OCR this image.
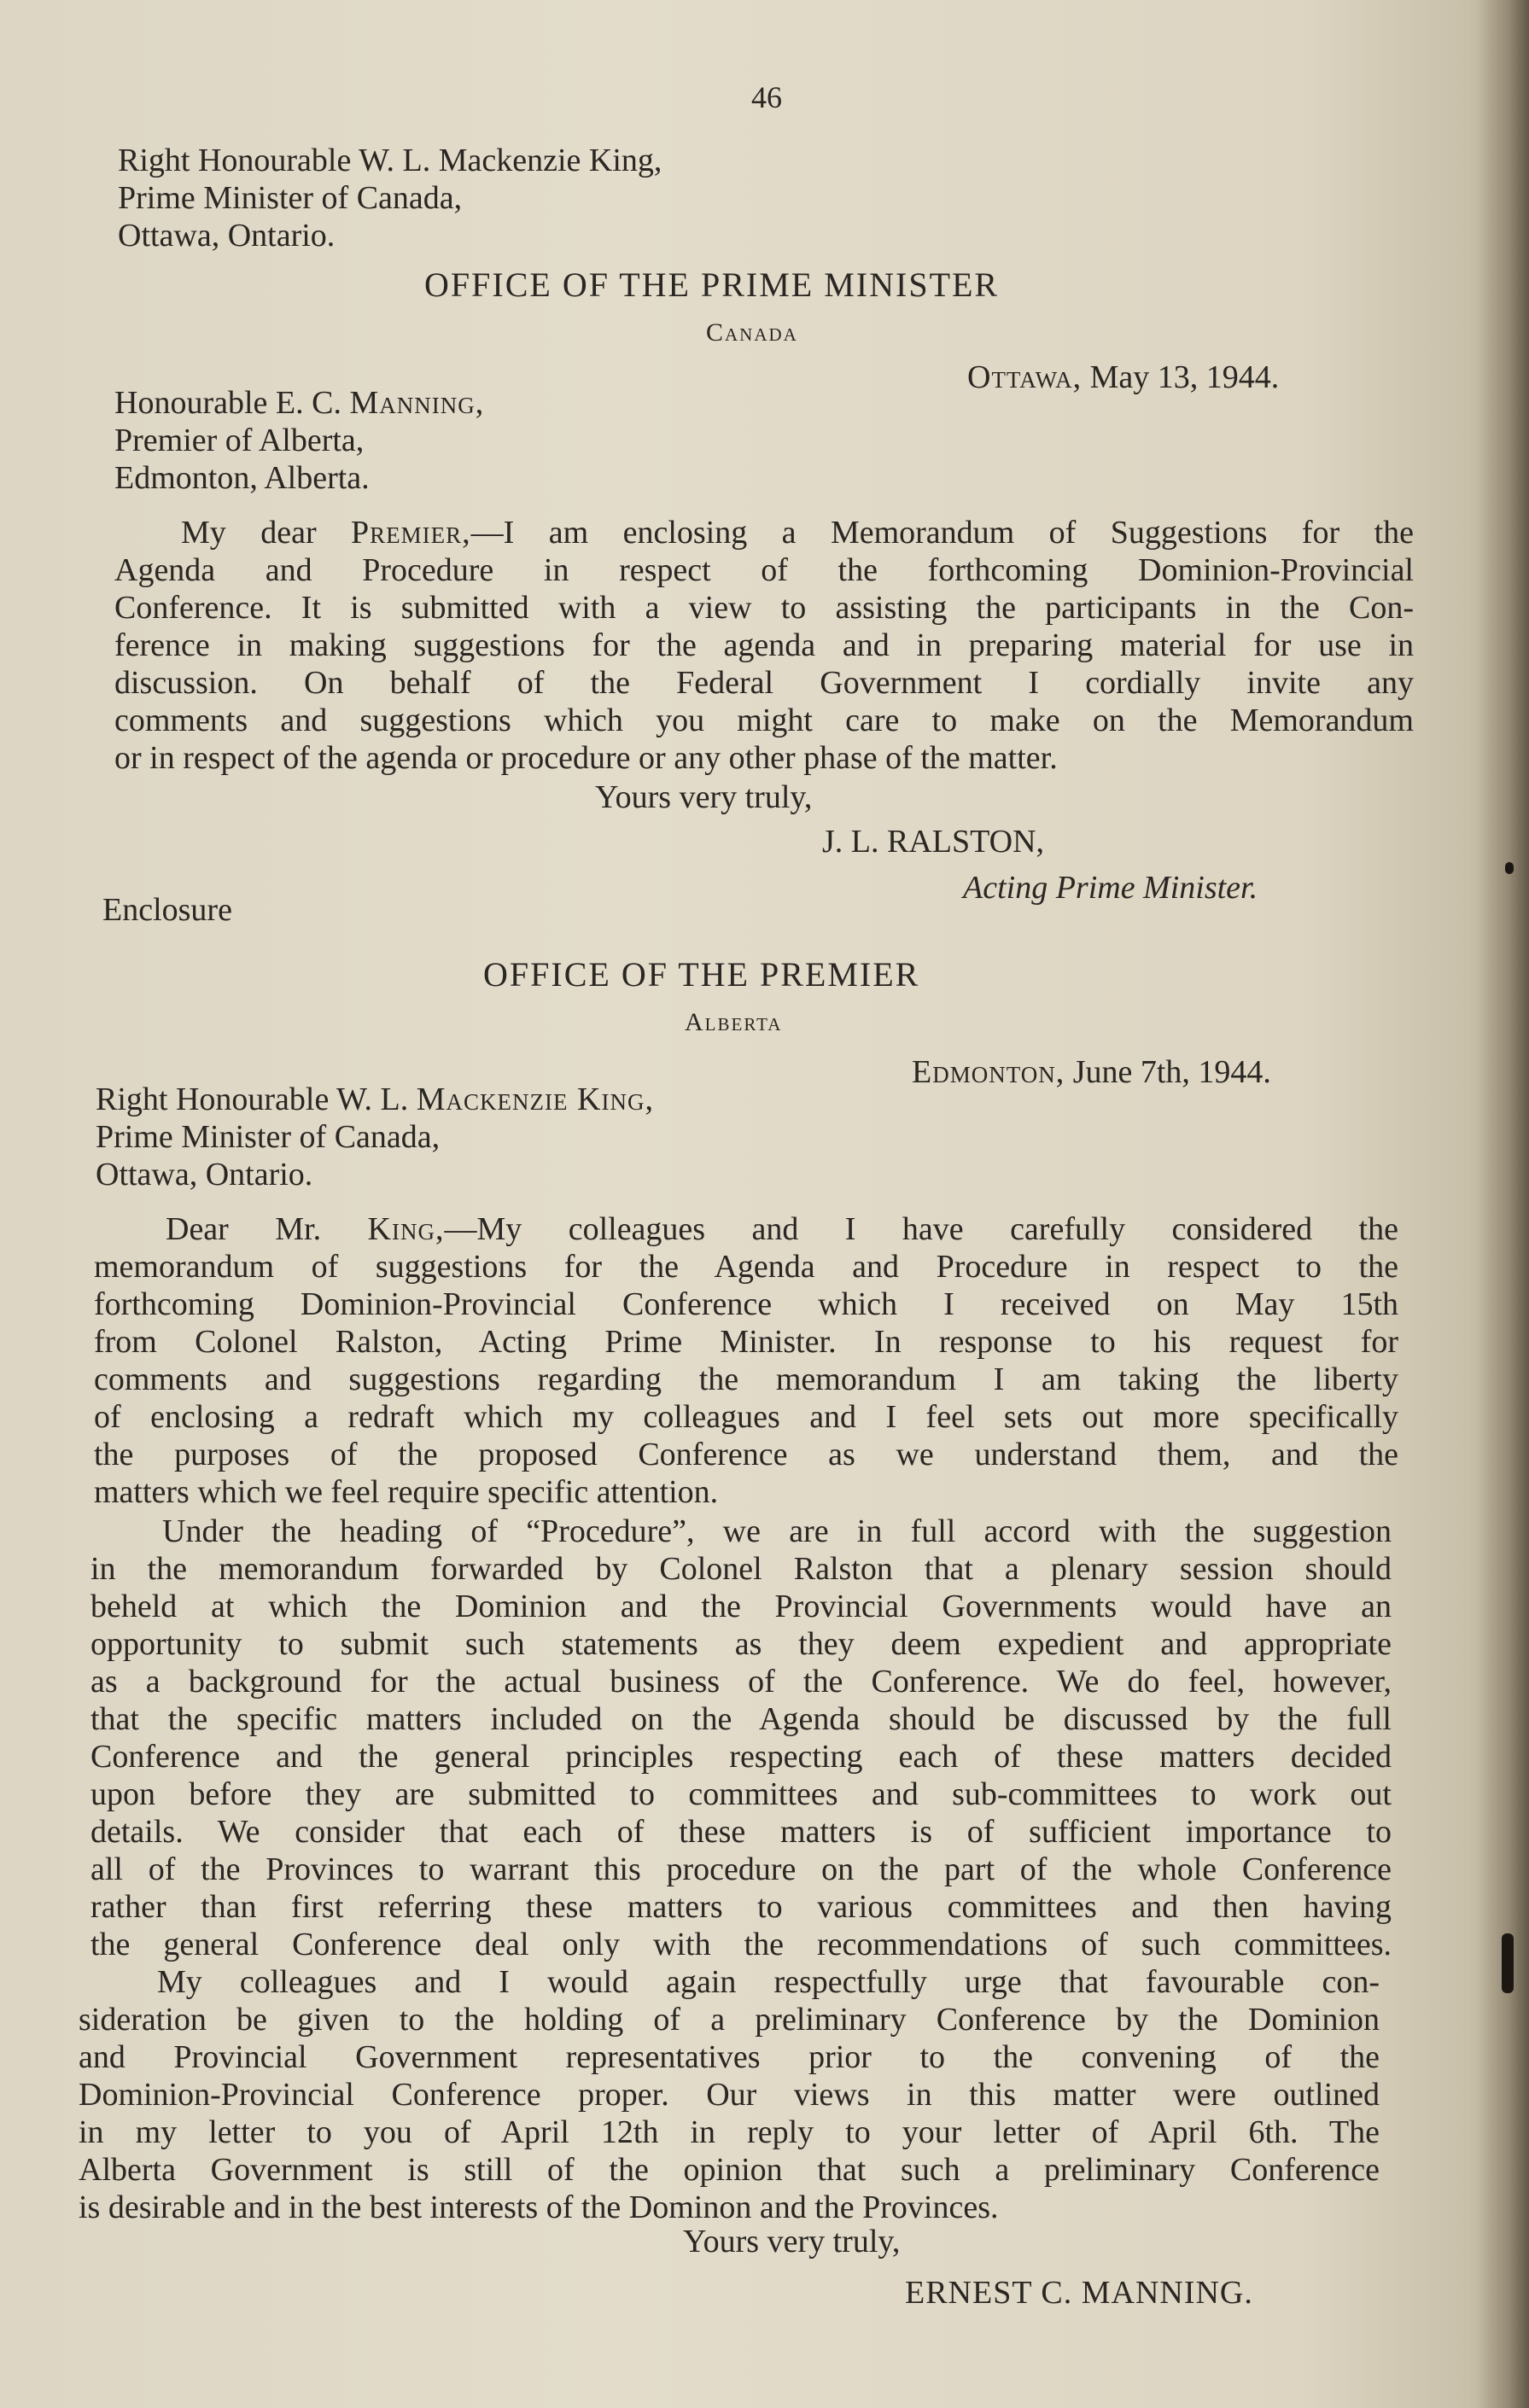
46
Right Honourable W. L. Mackenzie King,
Prime Minister of Canada,
Ottawa, Ontario.
OFFICE OF THE PRIME MINISTER
Canada
Ottawa, May 13, 1944.
Honourable E. C. Manning,
Premier of Alberta,
Edmonton, Alberta.
My dear Premier,—I am enclosing a Memorandum of Suggestions for the
Agenda and Procedure in respect of the forthcoming Dominion-Provincial
Conference. It is submitted with a view to assisting the participants in the Con-
ference in making suggestions for the agenda and in preparing material for use in
discussion. On behalf of the Federal Government I cordially invite any
comments and suggestions which you might care to make on the Memorandum
or in respect of the agenda or procedure or any other phase of the matter.
Yours very truly,
J. L. RALSTON,
Acting Prime Minister.
Enclosure
OFFICE OF THE PREMIER
Alberta
Edmonton, June 7th, 1944.
Right Honourable W. L. Mackenzie King,
Prime Minister of Canada,
Ottawa, Ontario.
Dear Mr. King,—My colleagues and I have carefully considered the
memorandum of suggestions for the Agenda and Procedure in respect to the
forthcoming Dominion-Provincial Conference which I received on May 15th
from Colonel Ralston, Acting Prime Minister. In response to his request for
comments and suggestions regarding the memorandum I am taking the liberty
of enclosing a redraft which my colleagues and I feel sets out more specifically
the purposes of the proposed Conference as we understand them, and the
matters which we feel require specific attention.
Under the heading of “Procedure”, we are in full accord with the suggestion
in the memorandum forwarded by Colonel Ralston that a plenary session should
beheld at which the Dominion and the Provincial Governments would have an
opportunity to submit such statements as they deem expedient and appropriate
as a background for the actual business of the Conference. We do feel, however,
that the specific matters included on the Agenda should be discussed by the full
Conference and the general principles respecting each of these matters decided
upon before they are submitted to committees and sub-committees to work out
details. We consider that each of these matters is of sufficient importance to
all of the Provinces to warrant this procedure on the part of the whole Conference
rather than first referring these matters to various committees and then having
the general Conference deal only with the recommendations of such committees.
My colleagues and I would again respectfully urge that favourable con-
sideration be given to the holding of a preliminary Conference by the Dominion
and Provincial Government representatives prior to the convening of the
Dominion-Provincial Conference proper. Our views in this matter were outlined
in my letter to you of April 12th in reply to your letter of April 6th. The
Alberta Government is still of the opinion that such a preliminary Conference
is desirable and in the best interests of the Dominon and the Provinces.
Yours very truly,
ERNEST C. MANNING.
